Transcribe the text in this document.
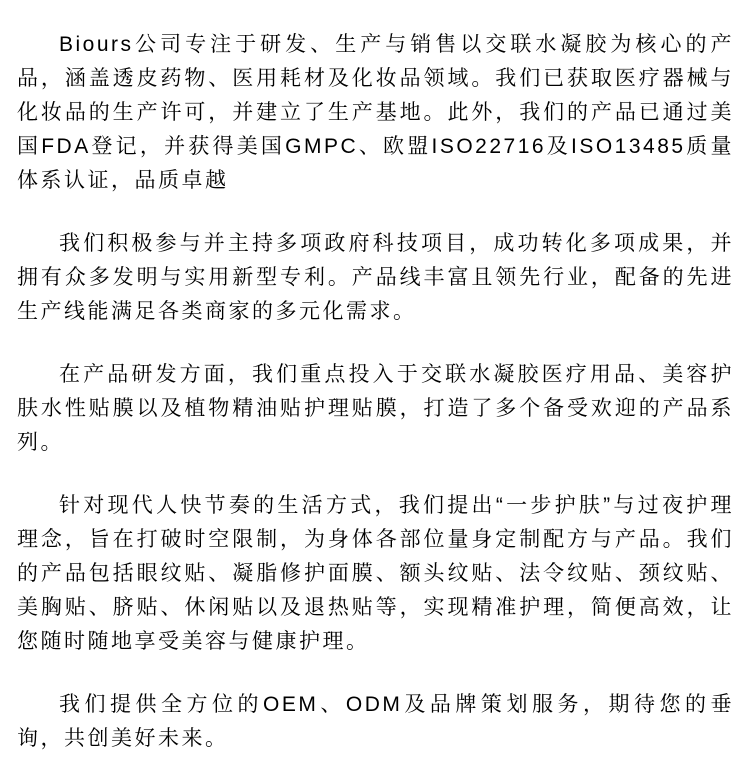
Biours公司专注于研发、生产与销售以交联水凝胶为核心的产品，涵盖透皮药物、医用耗材及化妆品领域。我们已获取医疗器械与化妆品的生产许可，并建立了生产基地。此外，我们的产品已通过美国FDA登记，并获得美国GMPC、欧盟ISO22716及ISO13485质量体系认证，品质卓越

我们积极参与并主持多项政府科技项目，成功转化多项成果，并拥有众多发明与实用新型专利。产品线丰富且领先行业，配备的先进生产线能满足各类商家的多元化需求。

在产品研发方面，我们重点投入于交联水凝胶医疗用品、美容护肤水性贴膜以及植物精油贴护理贴膜，打造了多个备受欢迎的产品系列。

针对现代人快节奏的生活方式，我们提出“一步护肤”与过夜护理理念，旨在打破时空限制，为身体各部位量身定制配方与产品。我们的产品包括眼纹贴、凝脂修护面膜、额头纹贴、法令纹贴、颈纹贴、美胸贴、脐贴、休闲贴以及退热贴等，实现精准护理，简便高效，让您随时随地享受美容与健康护理。

我们提供全方位的OEM、ODM及品牌策划服务，期待您的垂询，共创美好未来。
